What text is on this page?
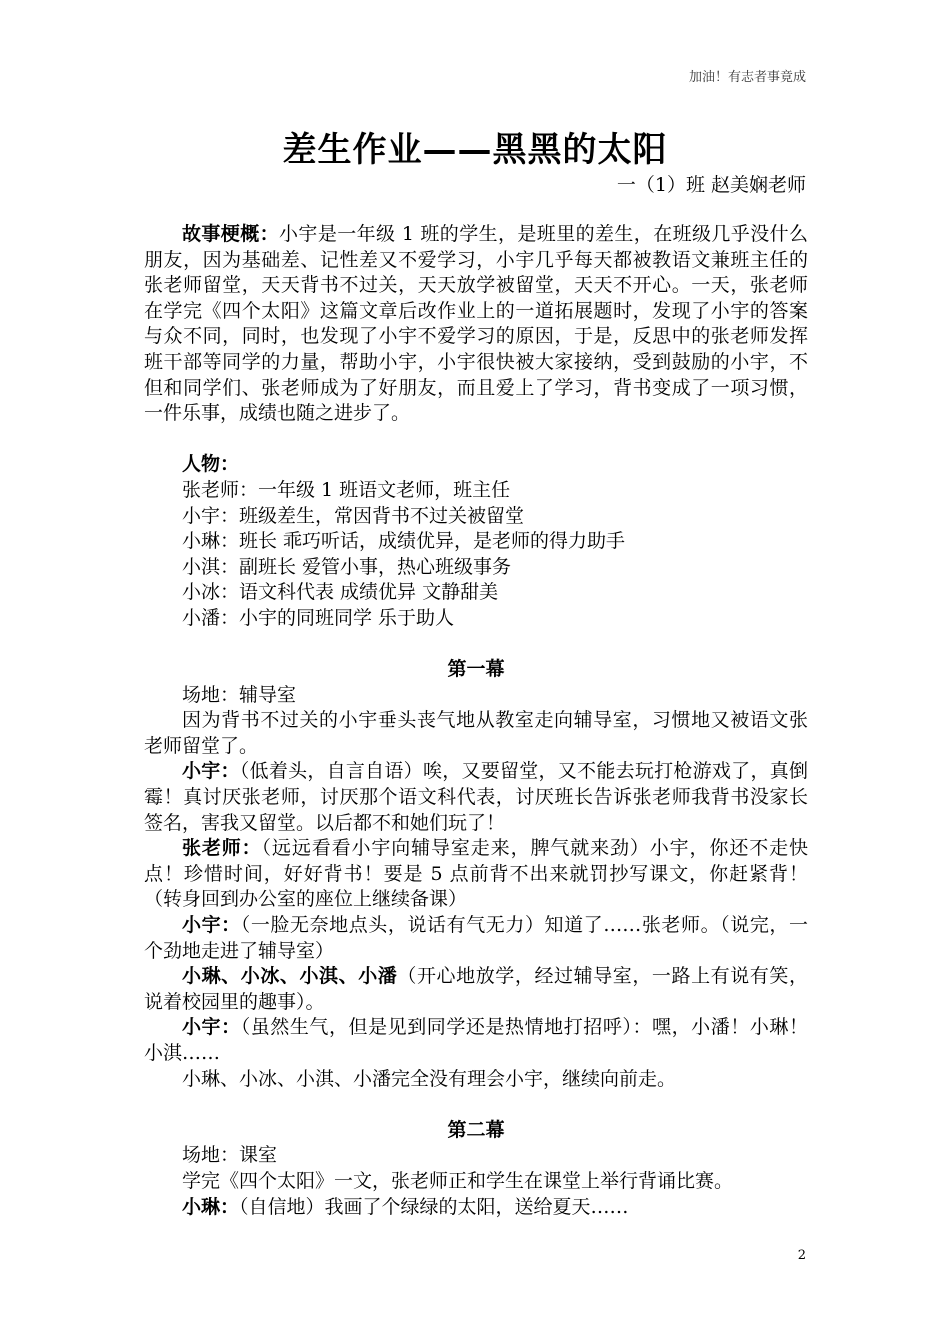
加油！有志者事竟成
差生作业——黑黑的太阳
一（1）班 赵美娴老师

故事梗概：小宇是一年级 1 班的学生，是班里的差生，在班级几乎没什么朋友，因为基础差、记性差又不爱学习，小宇几乎每天都被教语文兼班主任的张老师留堂，天天背书不过关，天天放学被留堂，天天不开心。一天，张老师在学完《四个太阳》这篇文章后改作业上的一道拓展题时，发现了小宇的答案与众不同，同时，也发现了小宇不爱学习的原因，于是，反思中的张老师发挥班干部等同学的力量，帮助小宇，小宇很快被大家接纳，受到鼓励的小宇，不但和同学们、张老师成为了好朋友，而且爱上了学习，背书变成了一项习惯，一件乐事，成绩也随之进步了。

人物：
张老师：一年级 1 班语文老师，班主任
小宇：班级差生，常因背书不过关被留堂
小琳：班长 乖巧听话，成绩优异，是老师的得力助手
小淇：副班长 爱管小事，热心班级事务
小冰：语文科代表 成绩优异 文静甜美
小潘：小宇的同班同学 乐于助人

第一幕

场地：辅导室

因为背书不过关的小宇垂头丧气地从教室走向辅导室，习惯地又被语文张老师留堂了。

小宇：（低着头，自言自语）唉，又要留堂，又不能去玩打枪游戏了，真倒霉！真讨厌张老师，讨厌那个语文科代表，讨厌班长告诉张老师我背书没家长签名，害我又留堂。以后都不和她们玩了！

张老师：（远远看看小宇向辅导室走来，脾气就来劲）小宇，你还不走快点！珍惜时间，好好背书！要是 5 点前背不出来就罚抄写课文，你赶紧背！（转身回到办公室的座位上继续备课）

小宇：（一脸无奈地点头，说话有气无力）知道了……张老师。（说完，一个劲地走进了辅导室）

小琳、小冰、小淇、小潘（开心地放学，经过辅导室，一路上有说有笑，说着校园里的趣事）。

小宇：（虽然生气，但是见到同学还是热情地打招呼）：嘿，小潘！小琳！小淇……

小琳、小冰、小淇、小潘完全没有理会小宇，继续向前走。

第二幕

场地：课室

学完《四个太阳》一文，张老师正和学生在课堂上举行背诵比赛。

小琳：（自信地）我画了个绿绿的太阳，送给夏天……

2
